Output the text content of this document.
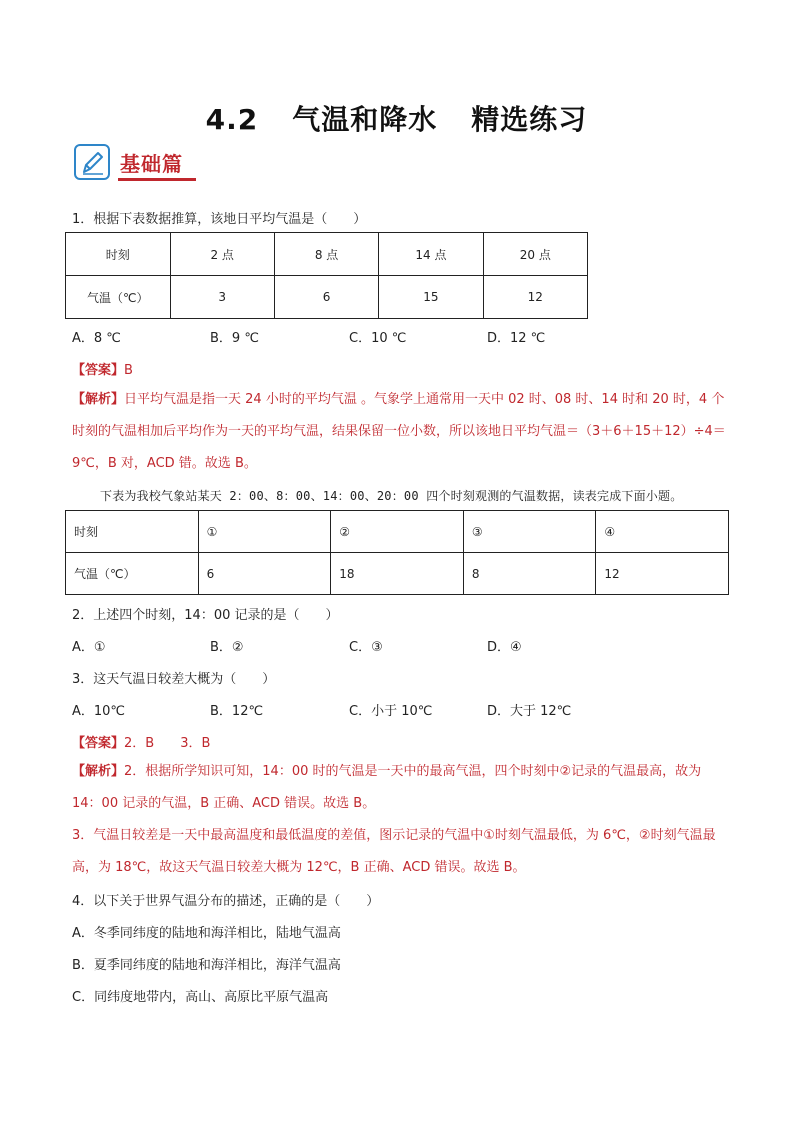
4.2 气温和降水 精选练习
基础篇
1．根据下表数据推算，该地日平均气温是（　　）
时刻	2 点	8 点	14 点	20 点
气温（℃）	3	6	15	12
A．8 ℃	B．9 ℃	C．10 ℃	D．12 ℃
【答案】B
【解析】日平均气温是指一天 24 小时的平均气温 。气象学上通常用一天中 02 时、08 时、14 时和 20 时，4 个时刻的气温相加后平均作为一天的平均气温，结果保留一位小数，所以该地日平均气温＝（3＋6＋15＋12）÷4＝9℃，B 对，ACD 错。故选 B。
下表为我校气象站某天 2：00、8：00、14：00、20：00 四个时刻观测的气温数据，读表完成下面小题。
时刻	①	②	③	④
气温（℃）	6	18	8	12
2．上述四个时刻，14：00 记录的是（　　）
A．①	B．②	C．③	D．④
3．这天气温日较差大概为（　　）
A．10℃	B．12℃	C．小于 10℃	D．大于 12℃
【答案】2．B　　3．B
【解析】2．根据所学知识可知，14：00 时的气温是一天中的最高气温，四个时刻中②记录的气温最高，故为 14：00 记录的气温，B 正确、ACD 错误。故选 B。
3．气温日较差是一天中最高温度和最低温度的差值，图示记录的气温中①时刻气温最低，为 6℃，②时刻气温最高，为 18℃，故这天气温日较差大概为 12℃，B 正确、ACD 错误。故选 B。
4．以下关于世界气温分布的描述，正确的是（　　）
A．冬季同纬度的陆地和海洋相比，陆地气温高
B．夏季同纬度的陆地和海洋相比，海洋气温高
C．同纬度地带内，高山、高原比平原气温高
